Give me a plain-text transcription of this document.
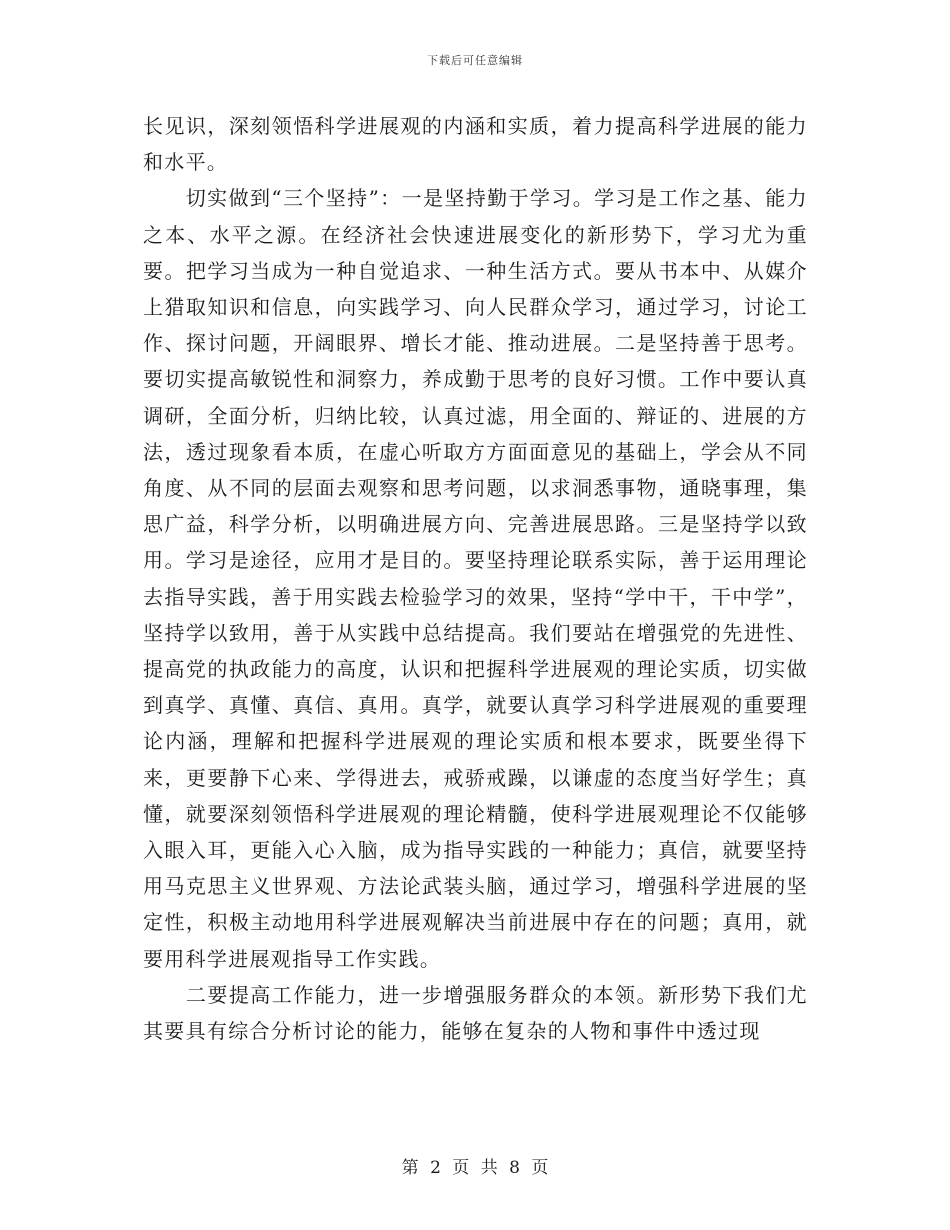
下载后可任意编辑

长见识，深刻领悟科学进展观的内涵和实质，着力提高科学进展的能力和水平。

　　切实做到“三个坚持”：一是坚持勤于学习。学习是工作之基、能力之本、水平之源。在经济社会快速进展变化的新形势下，学习尤为重要。把学习当成为一种自觉追求、一种生活方式。要从书本中、从媒介上猎取知识和信息，向实践学习、向人民群众学习，通过学习，讨论工作、探讨问题，开阔眼界、增长才能、推动进展。二是坚持善于思考。要切实提高敏锐性和洞察力，养成勤于思考的良好习惯。工作中要认真调研，全面分析，归纳比较，认真过滤，用全面的、辩证的、进展的方法，透过现象看本质，在虚心听取方方面面意见的基础上，学会从不同角度、从不同的层面去观察和思考问题，以求洞悉事物，通晓事理，集思广益，科学分析，以明确进展方向、完善进展思路。三是坚持学以致用。学习是途径，应用才是目的。要坚持理论联系实际，善于运用理论去指导实践，善于用实践去检验学习的效果，坚持“学中干，干中学”，坚持学以致用，善于从实践中总结提高。我们要站在增强党的先进性、提高党的执政能力的高度，认识和把握科学进展观的理论实质，切实做到真学、真懂、真信、真用。真学，就要认真学习科学进展观的重要理论内涵，理解和把握科学进展观的理论实质和根本要求，既要坐得下来，更要静下心来、学得进去，戒骄戒躁，以谦虚的态度当好学生；真懂，就要深刻领悟科学进展观的理论精髓，使科学进展观理论不仅能够入眼入耳，更能入心入脑，成为指导实践的一种能力；真信，就要坚持用马克思主义世界观、方法论武装头脑，通过学习，增强科学进展的坚定性，积极主动地用科学进展观解决当前进展中存在的问题；真用，就要用科学进展观指导工作实践。

　　二要提高工作能力，进一步增强服务群众的本领。新形势下我们尤其要具有综合分析讨论的能力，能够在复杂的人物和事件中透过现

第 2 页 共 8 页
